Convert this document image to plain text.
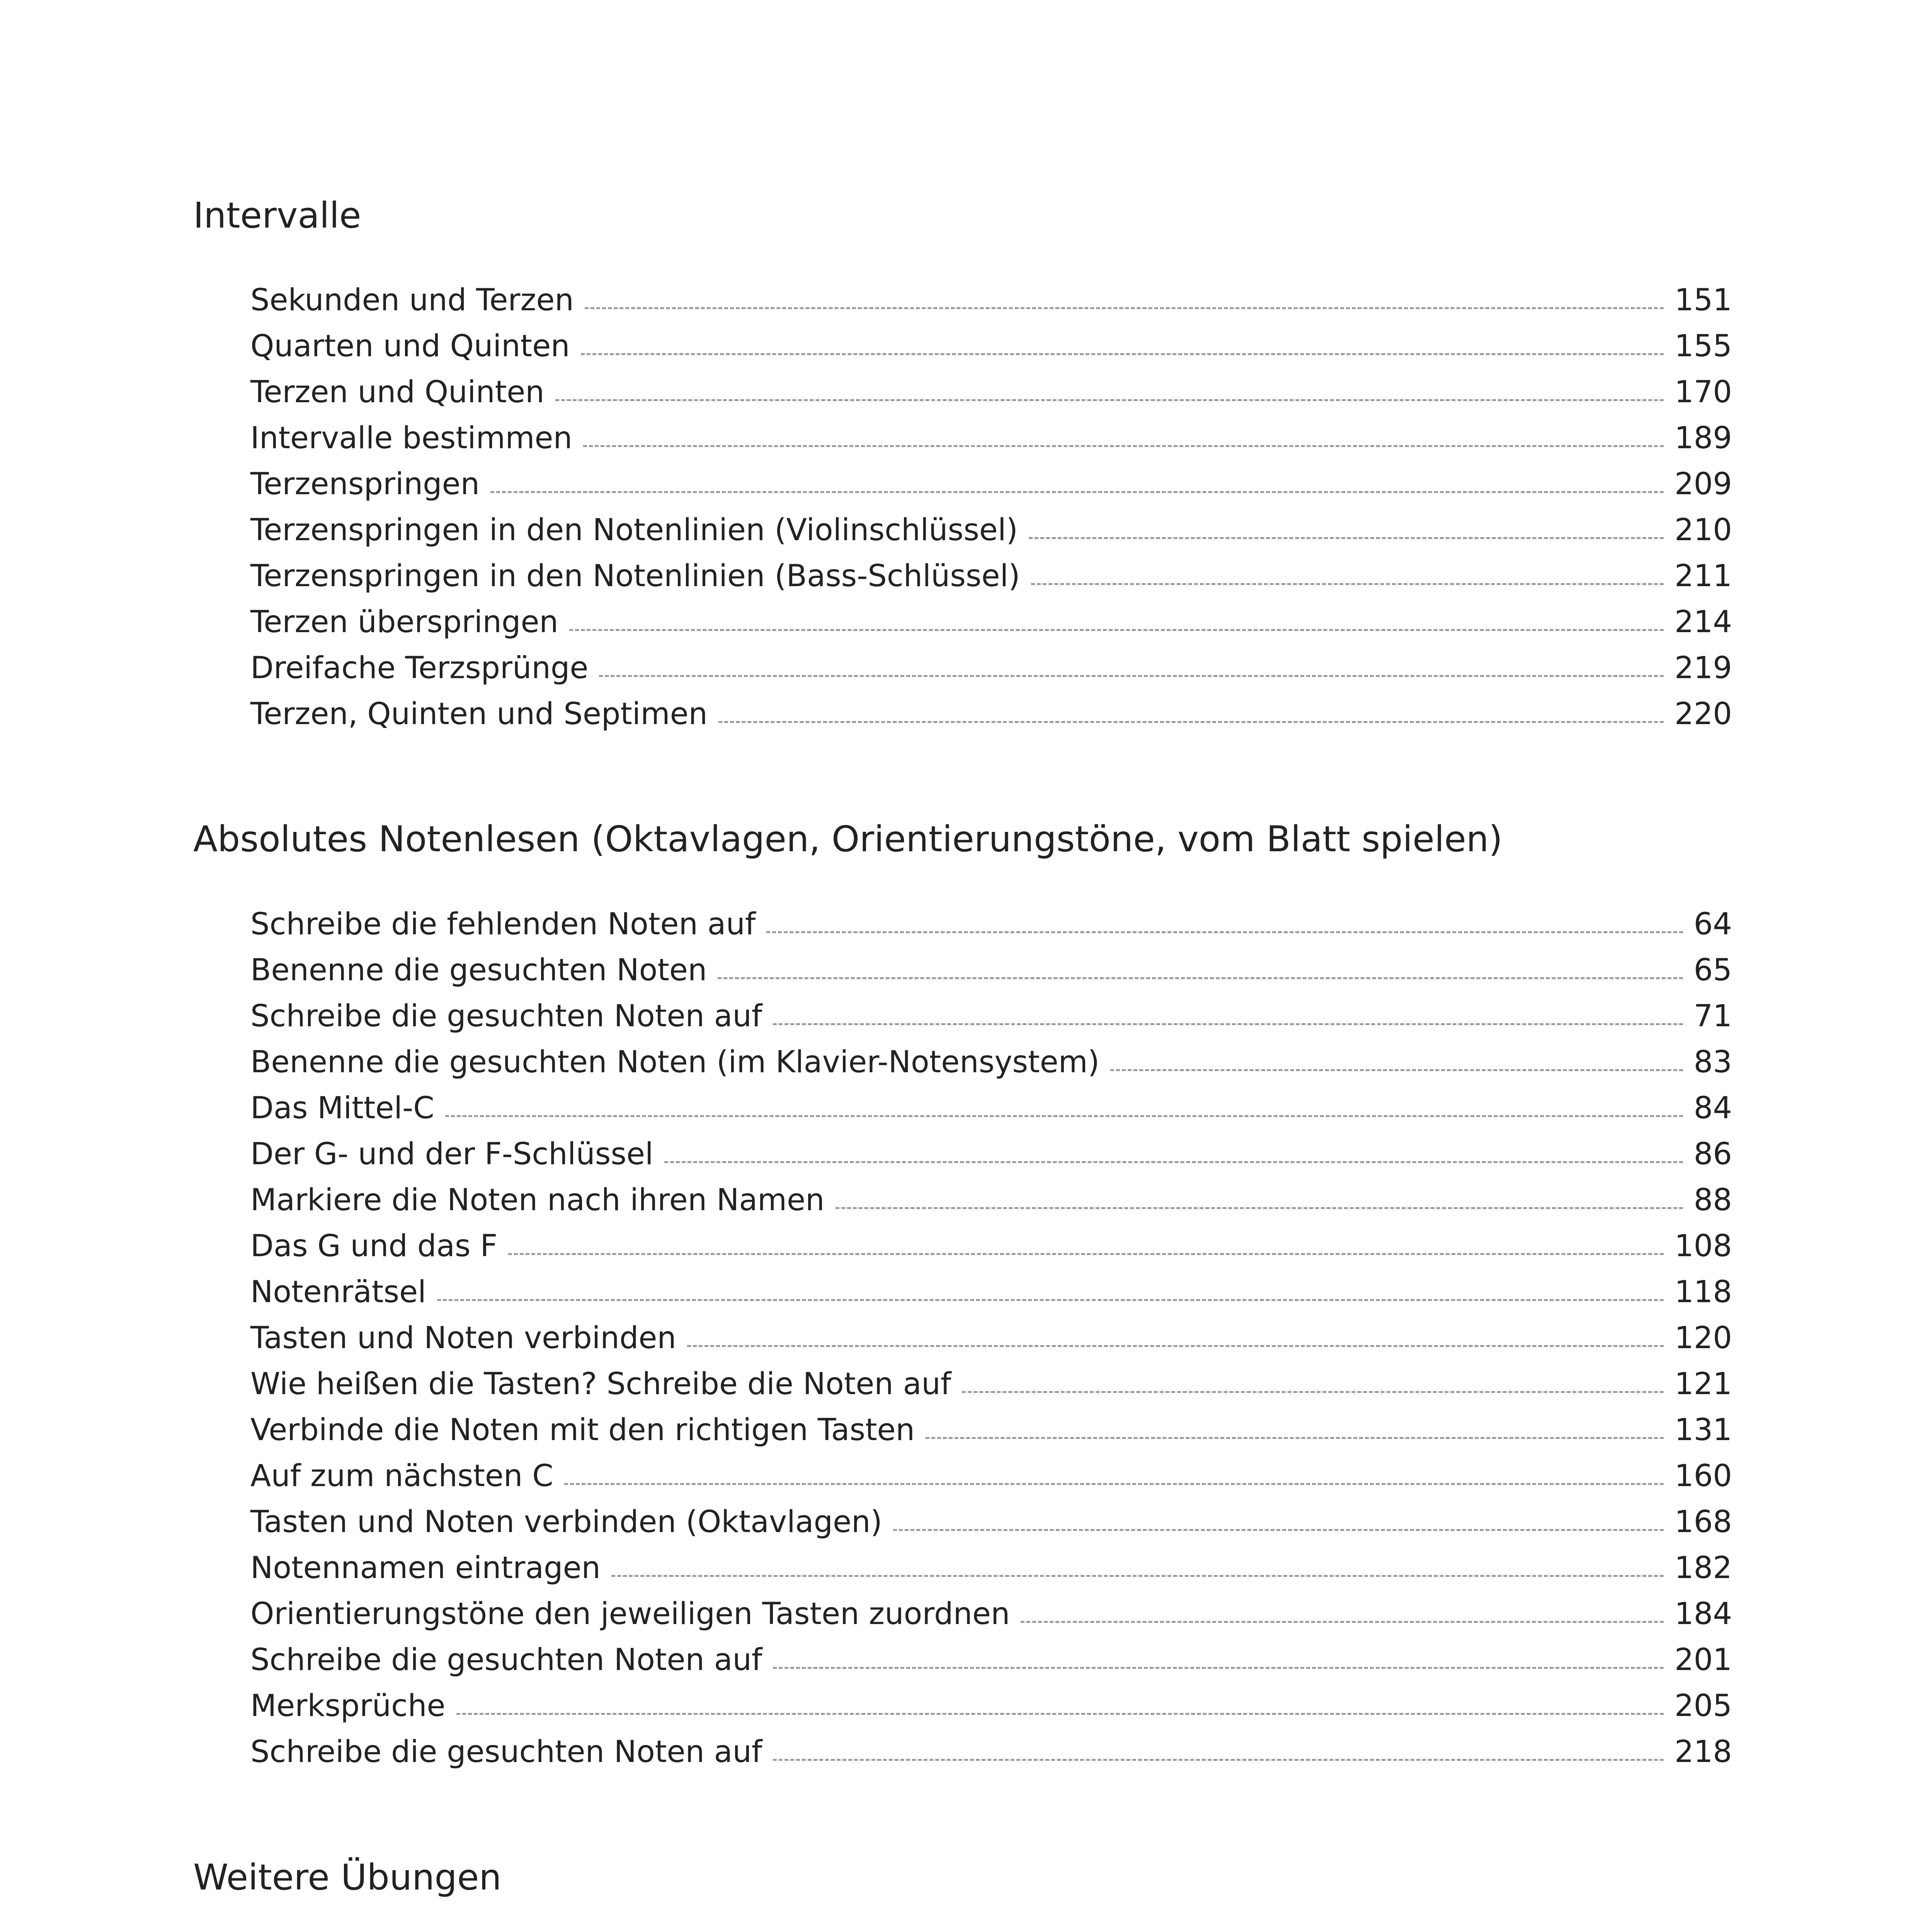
Intervalle
Sekunden und Terzen	151
Quarten und Quinten	155
Terzen und Quinten	170
Intervalle bestimmen	189
Terzenspringen	209
Terzenspringen in den Notenlinien (Violinschlüssel)	210
Terzenspringen in den Notenlinien (Bass-Schlüssel)	211
Terzen überspringen	214
Dreifache Terzsprünge	219
Terzen, Quinten und Septimen	220
Absolutes Notenlesen (Oktavlagen, Orientierungstöne, vom Blatt spielen)
Schreibe die fehlenden Noten auf	64
Benenne die gesuchten Noten	65
Schreibe die gesuchten Noten auf	71
Benenne die gesuchten Noten (im Klavier-Notensystem)	83
Das Mittel-C	84
Der G- und der F-Schlüssel	86
Markiere die Noten nach ihren Namen	88
Das G und das F	108
Notenrätsel	118
Tasten und Noten verbinden	120
Wie heißen die Tasten? Schreibe die Noten auf	121
Verbinde die Noten mit den richtigen Tasten	131
Auf zum nächsten C	160
Tasten und Noten verbinden (Oktavlagen)	168
Notennamen eintragen	182
Orientierungstöne den jeweiligen Tasten zuordnen	184
Schreibe die gesuchten Noten auf	201
Merksprüche	205
Schreibe die gesuchten Noten auf	218
Weitere Übungen
